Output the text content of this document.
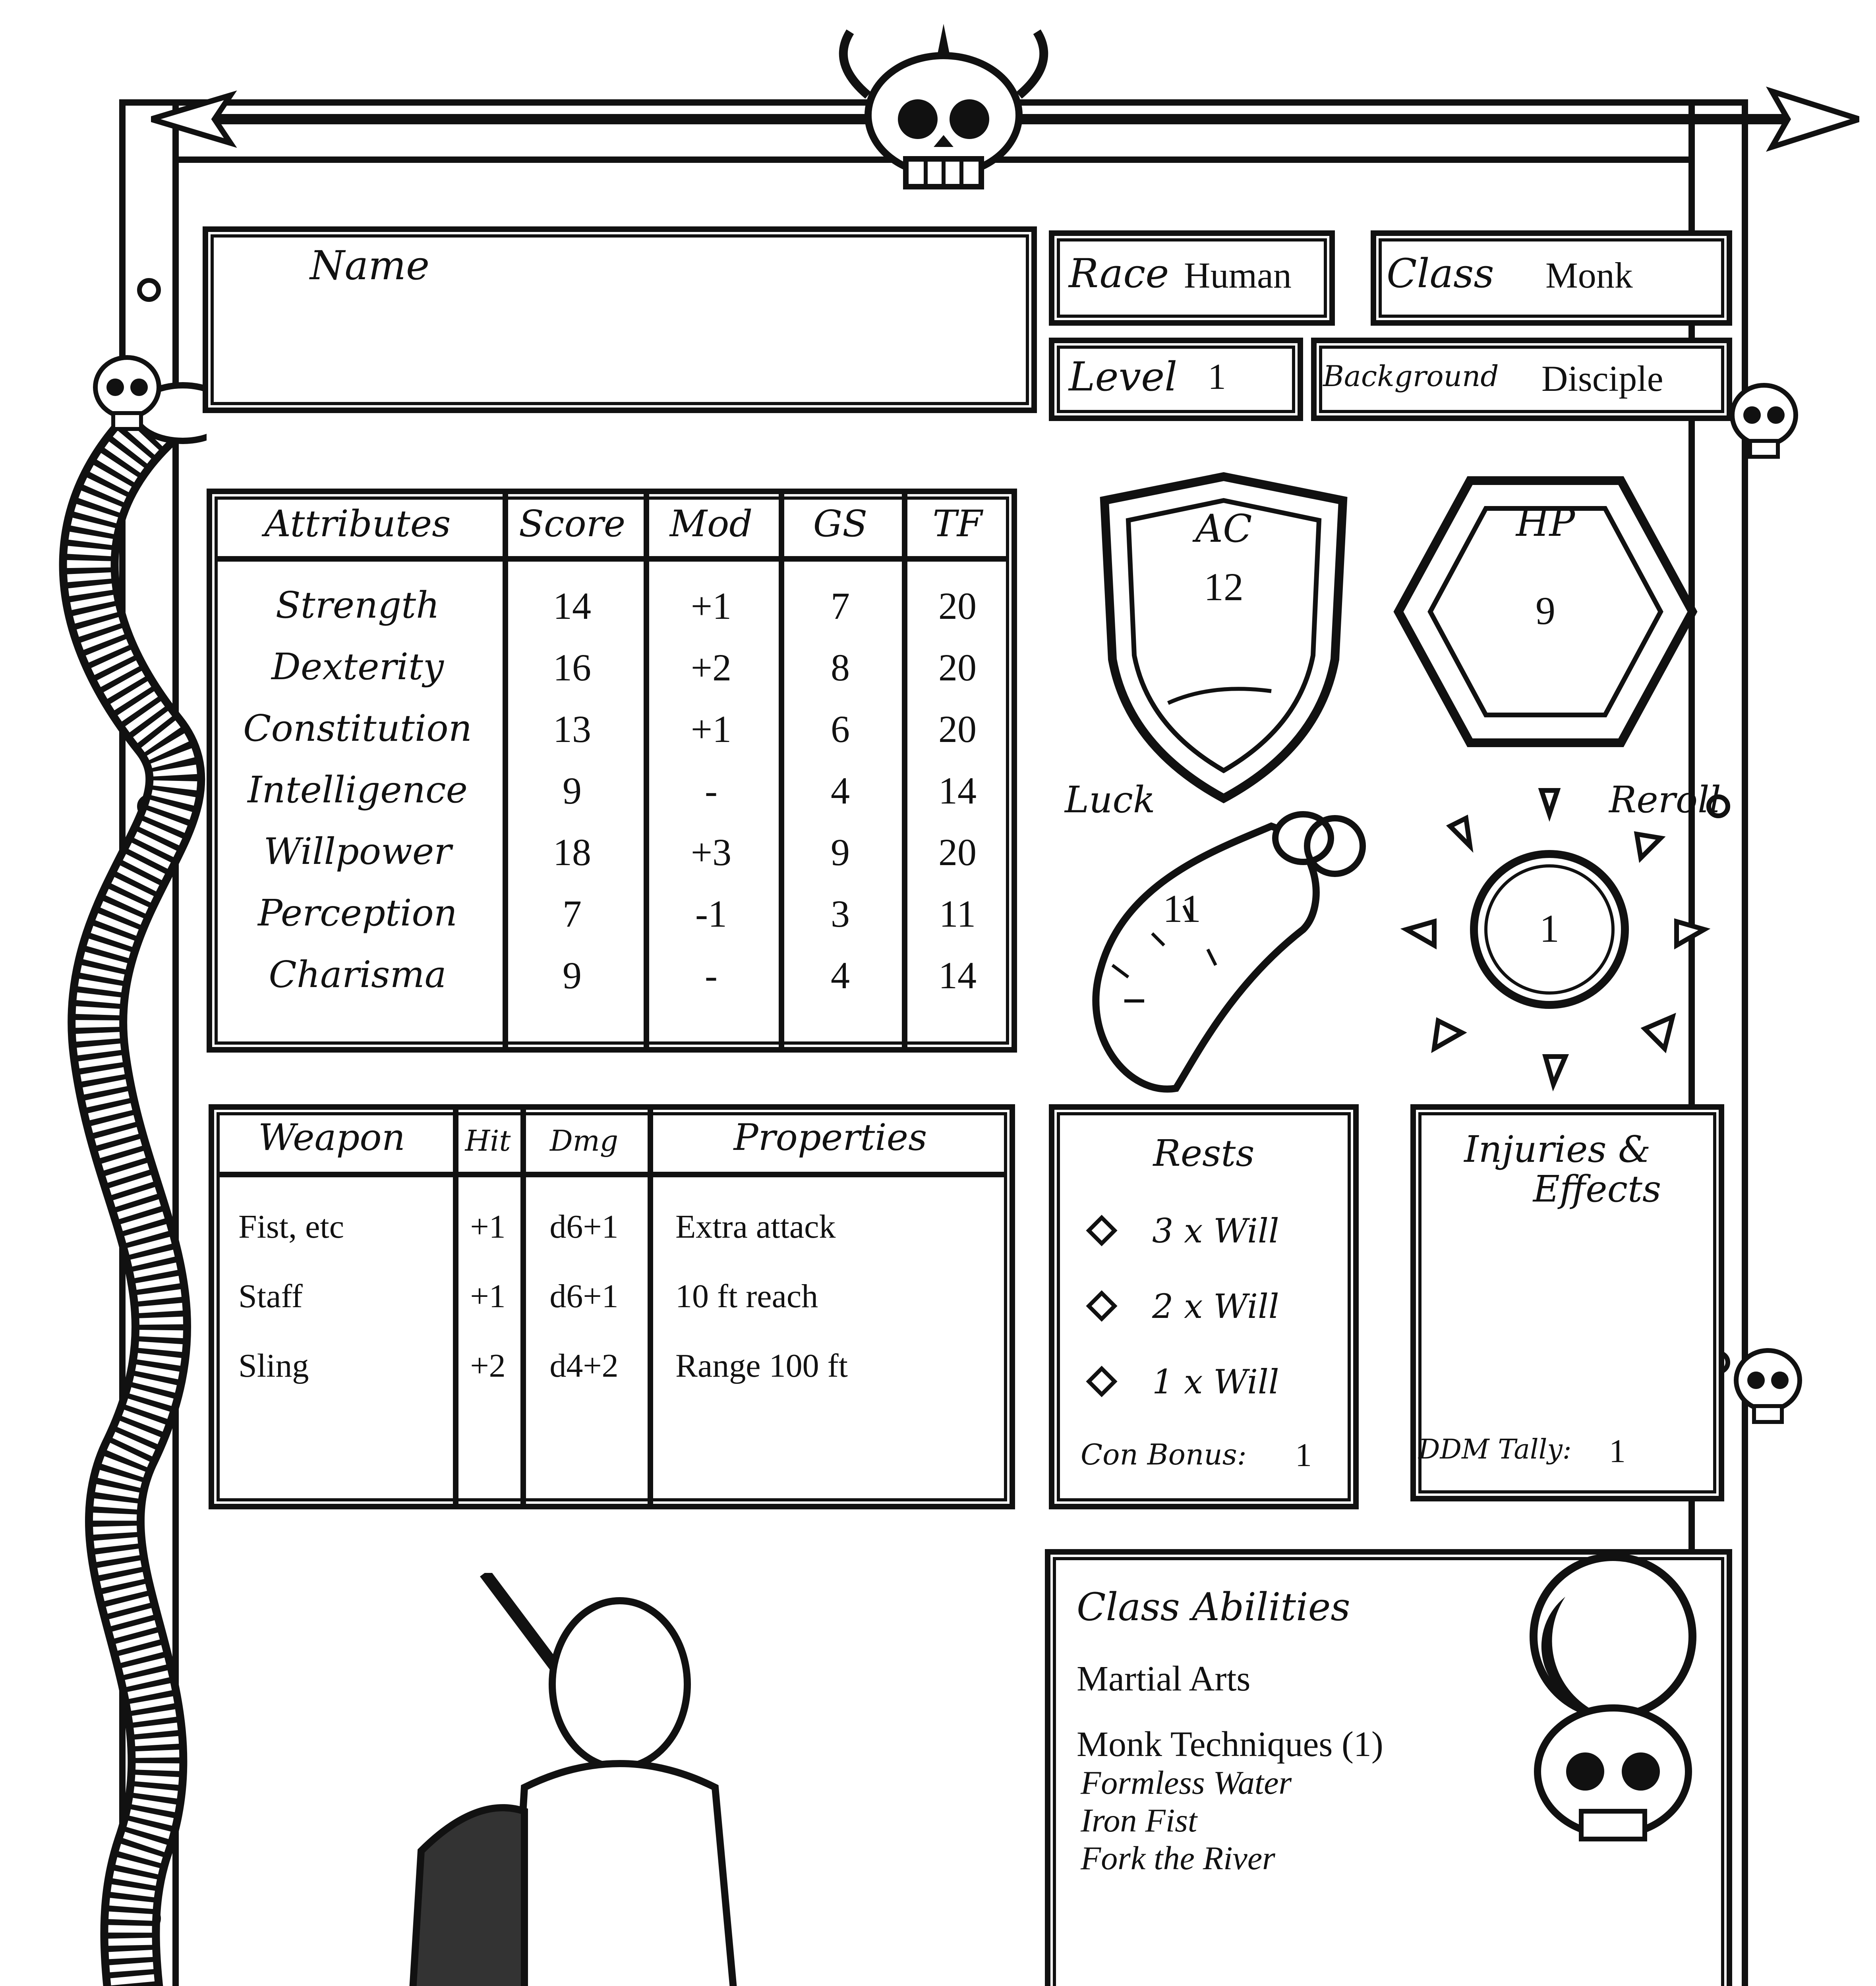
Name	Race Human Class Monk
Level 1	Background Disciple
Attributes Score Mod GS TF
Strength	14	+1	7 20
Dexterity	16	+2	8 20
Constitution 13	+1	6 20
Intelligence 9	-	4 14
Willpower	18	+3	9 20
Perception	7	-1	3 11
Charisma	9	-	4 14
AC
12
HP
9
Luck
11
Reroll
1
Weapon Hit Dmg	Properties
Fist, etc	+1 d6+1 Extra attack
Staff	+1 d6+1 10 ft reach
Sling	+2 d4+2 Range 100 ft
Rests
3 x Will
2 x Will
1 x Will
Con Bonus: 1
Injuries &
Effects
DDM Tally: 1
Class Abilities
Martial Arts
Monk Techniques (1)
Formless Water
Iron Fist
Fork the River
